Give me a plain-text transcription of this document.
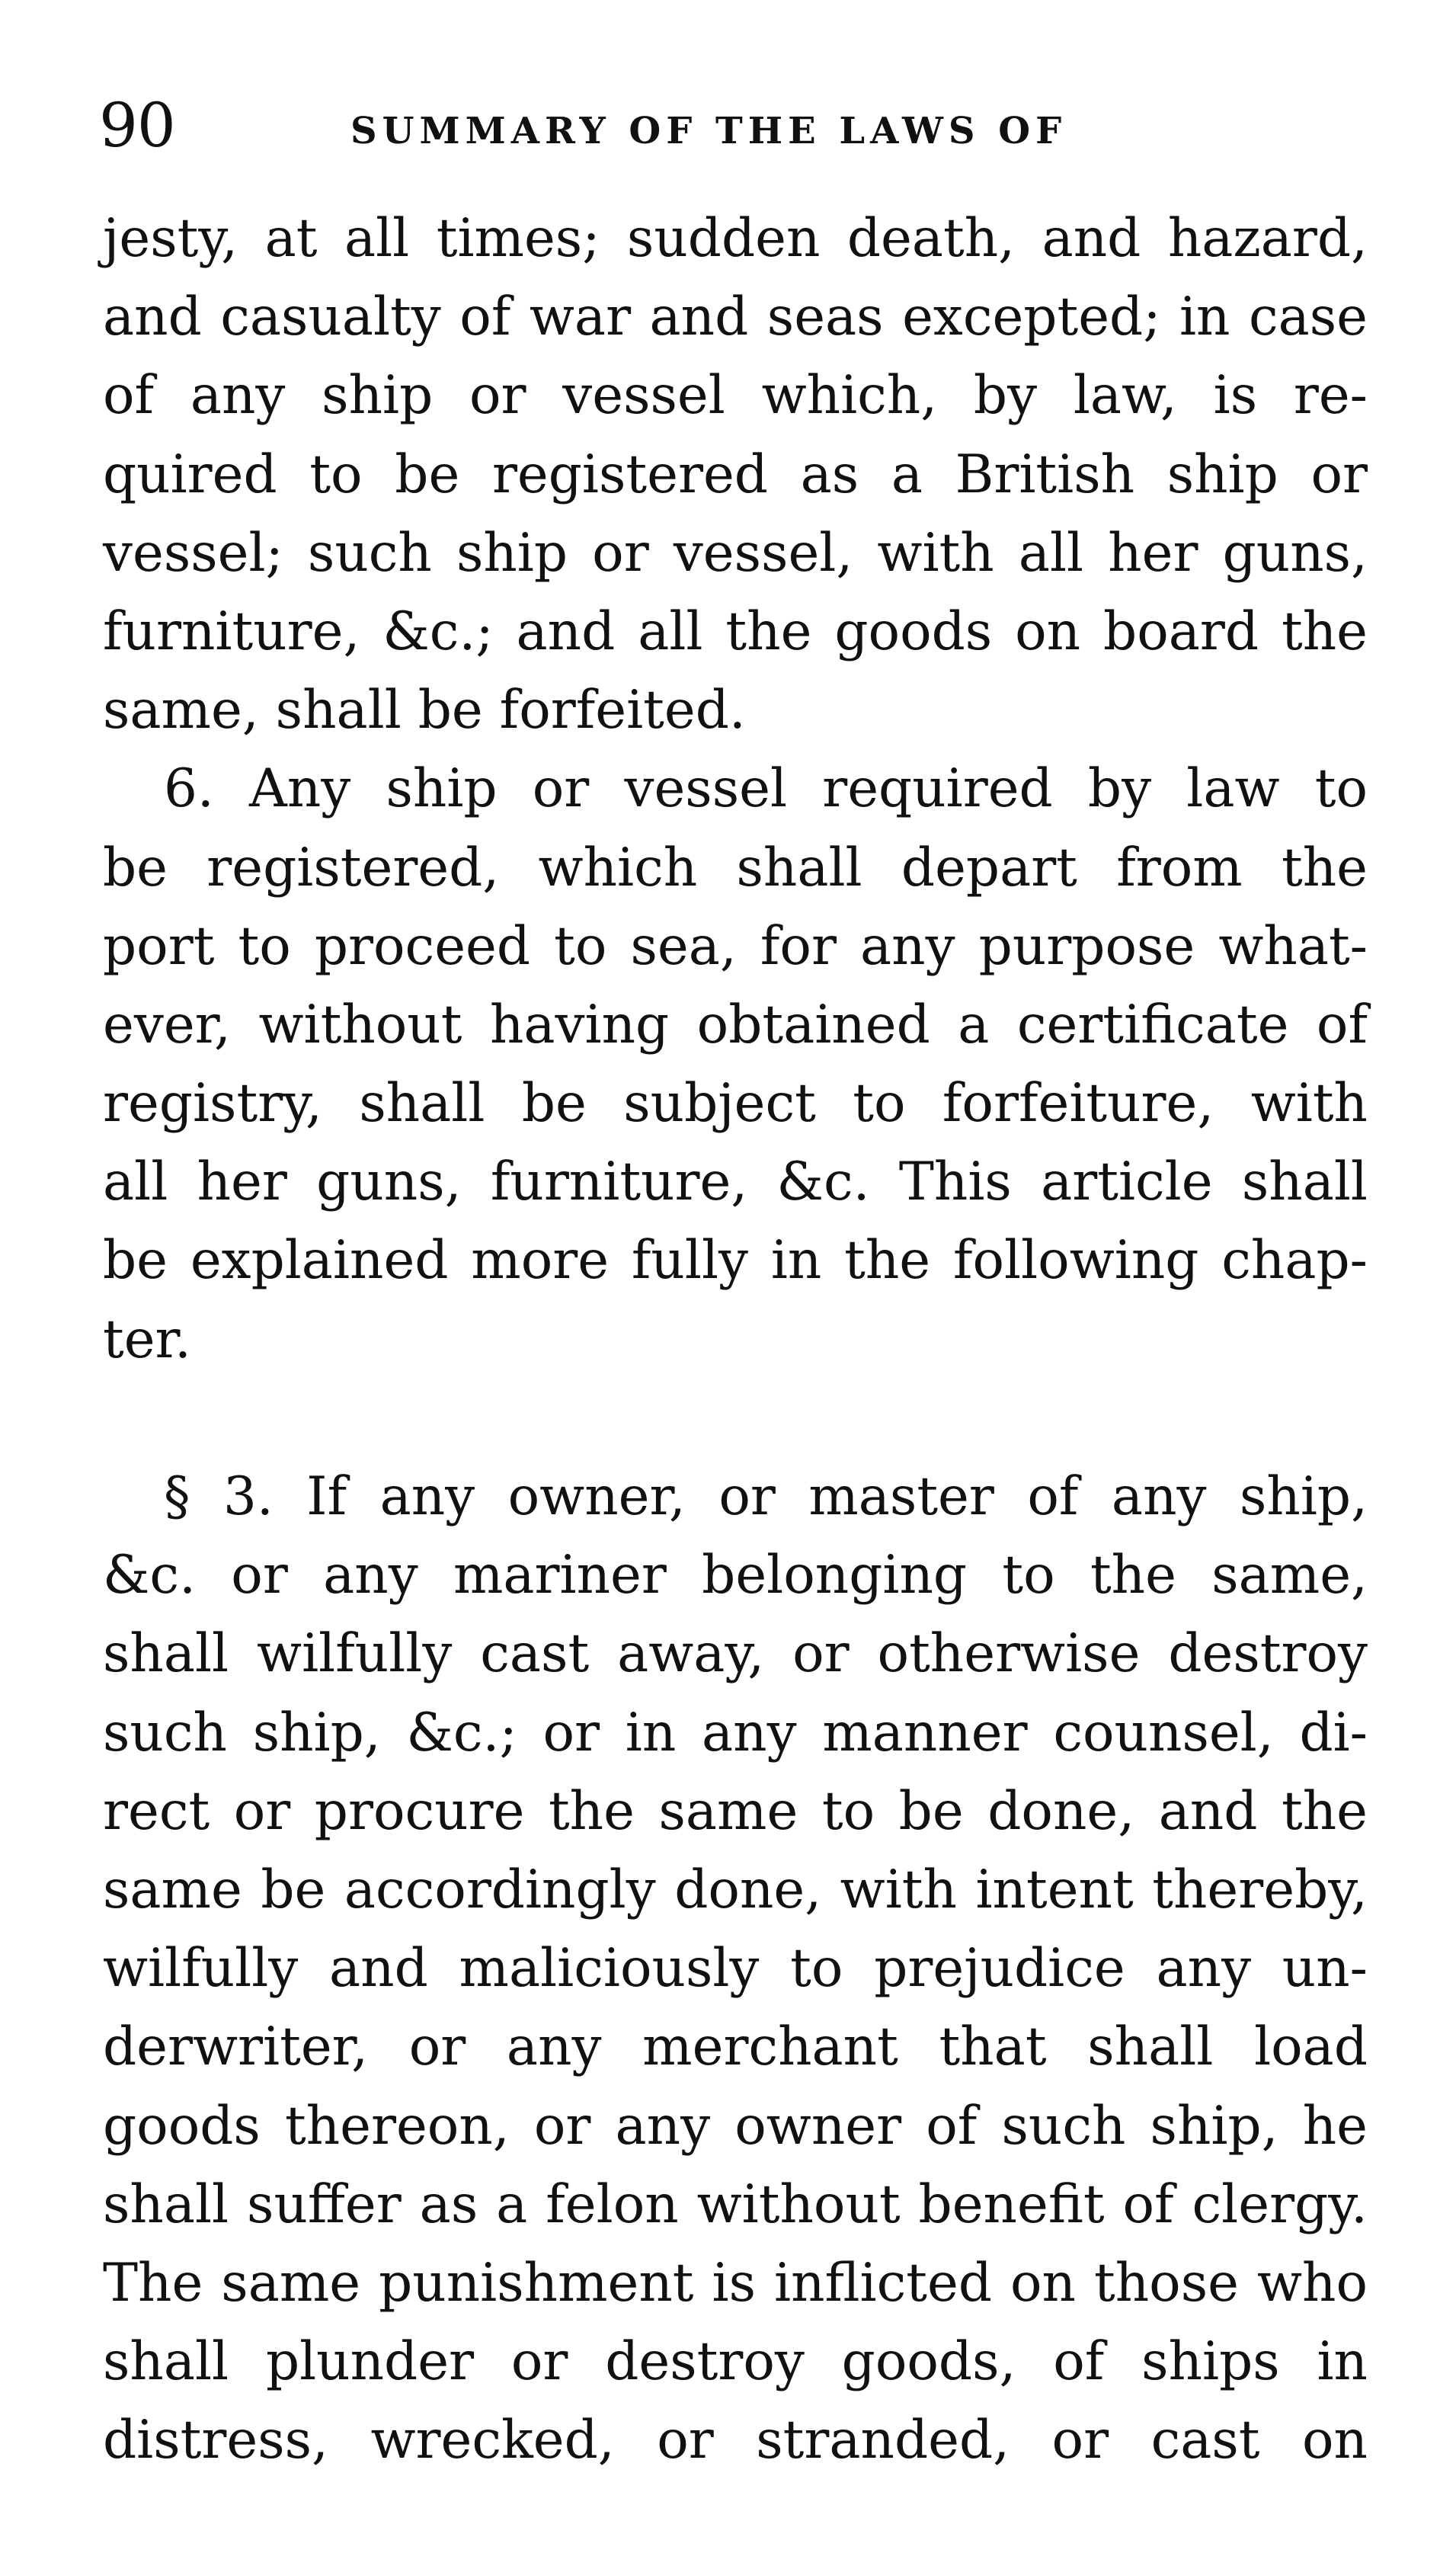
90	SUMMARY OF THE LAWS OF
jesty, at all times; sudden death, and hazard,
and casualty of war and seas excepted; in case
of any ship or vessel which, by law, is re-
quired to be registered as a British ship or
vessel; such ship or vessel, with all her guns,
furniture, &c.; and all the goods on board the
same, shall be forfeited.
6. Any ship or vessel required by law to
be registered, which shall depart from the
port to proceed to sea, for any purpose what-
ever, without having obtained a certificate of
registry, shall be subject to forfeiture, with
all her guns, furniture, &c. This article shall
be explained more fully in the following chap-
ter.
§ 3. If any owner, or master of any ship,
&c. or any mariner belonging to the same,
shall wilfully cast away, or otherwise destroy
such ship, &c.; or in any manner counsel, di-
rect or procure the same to be done, and the
same be accordingly done, with intent thereby,
wilfully and maliciously to prejudice any un-
derwriter, or any merchant that shall load
goods thereon, or any owner of such ship, he
shall suffer as a felon without benefit of clergy.
The same punishment is inflicted on those who
shall plunder or destroy goods, of ships in
distress, wrecked, or stranded, or cast on
